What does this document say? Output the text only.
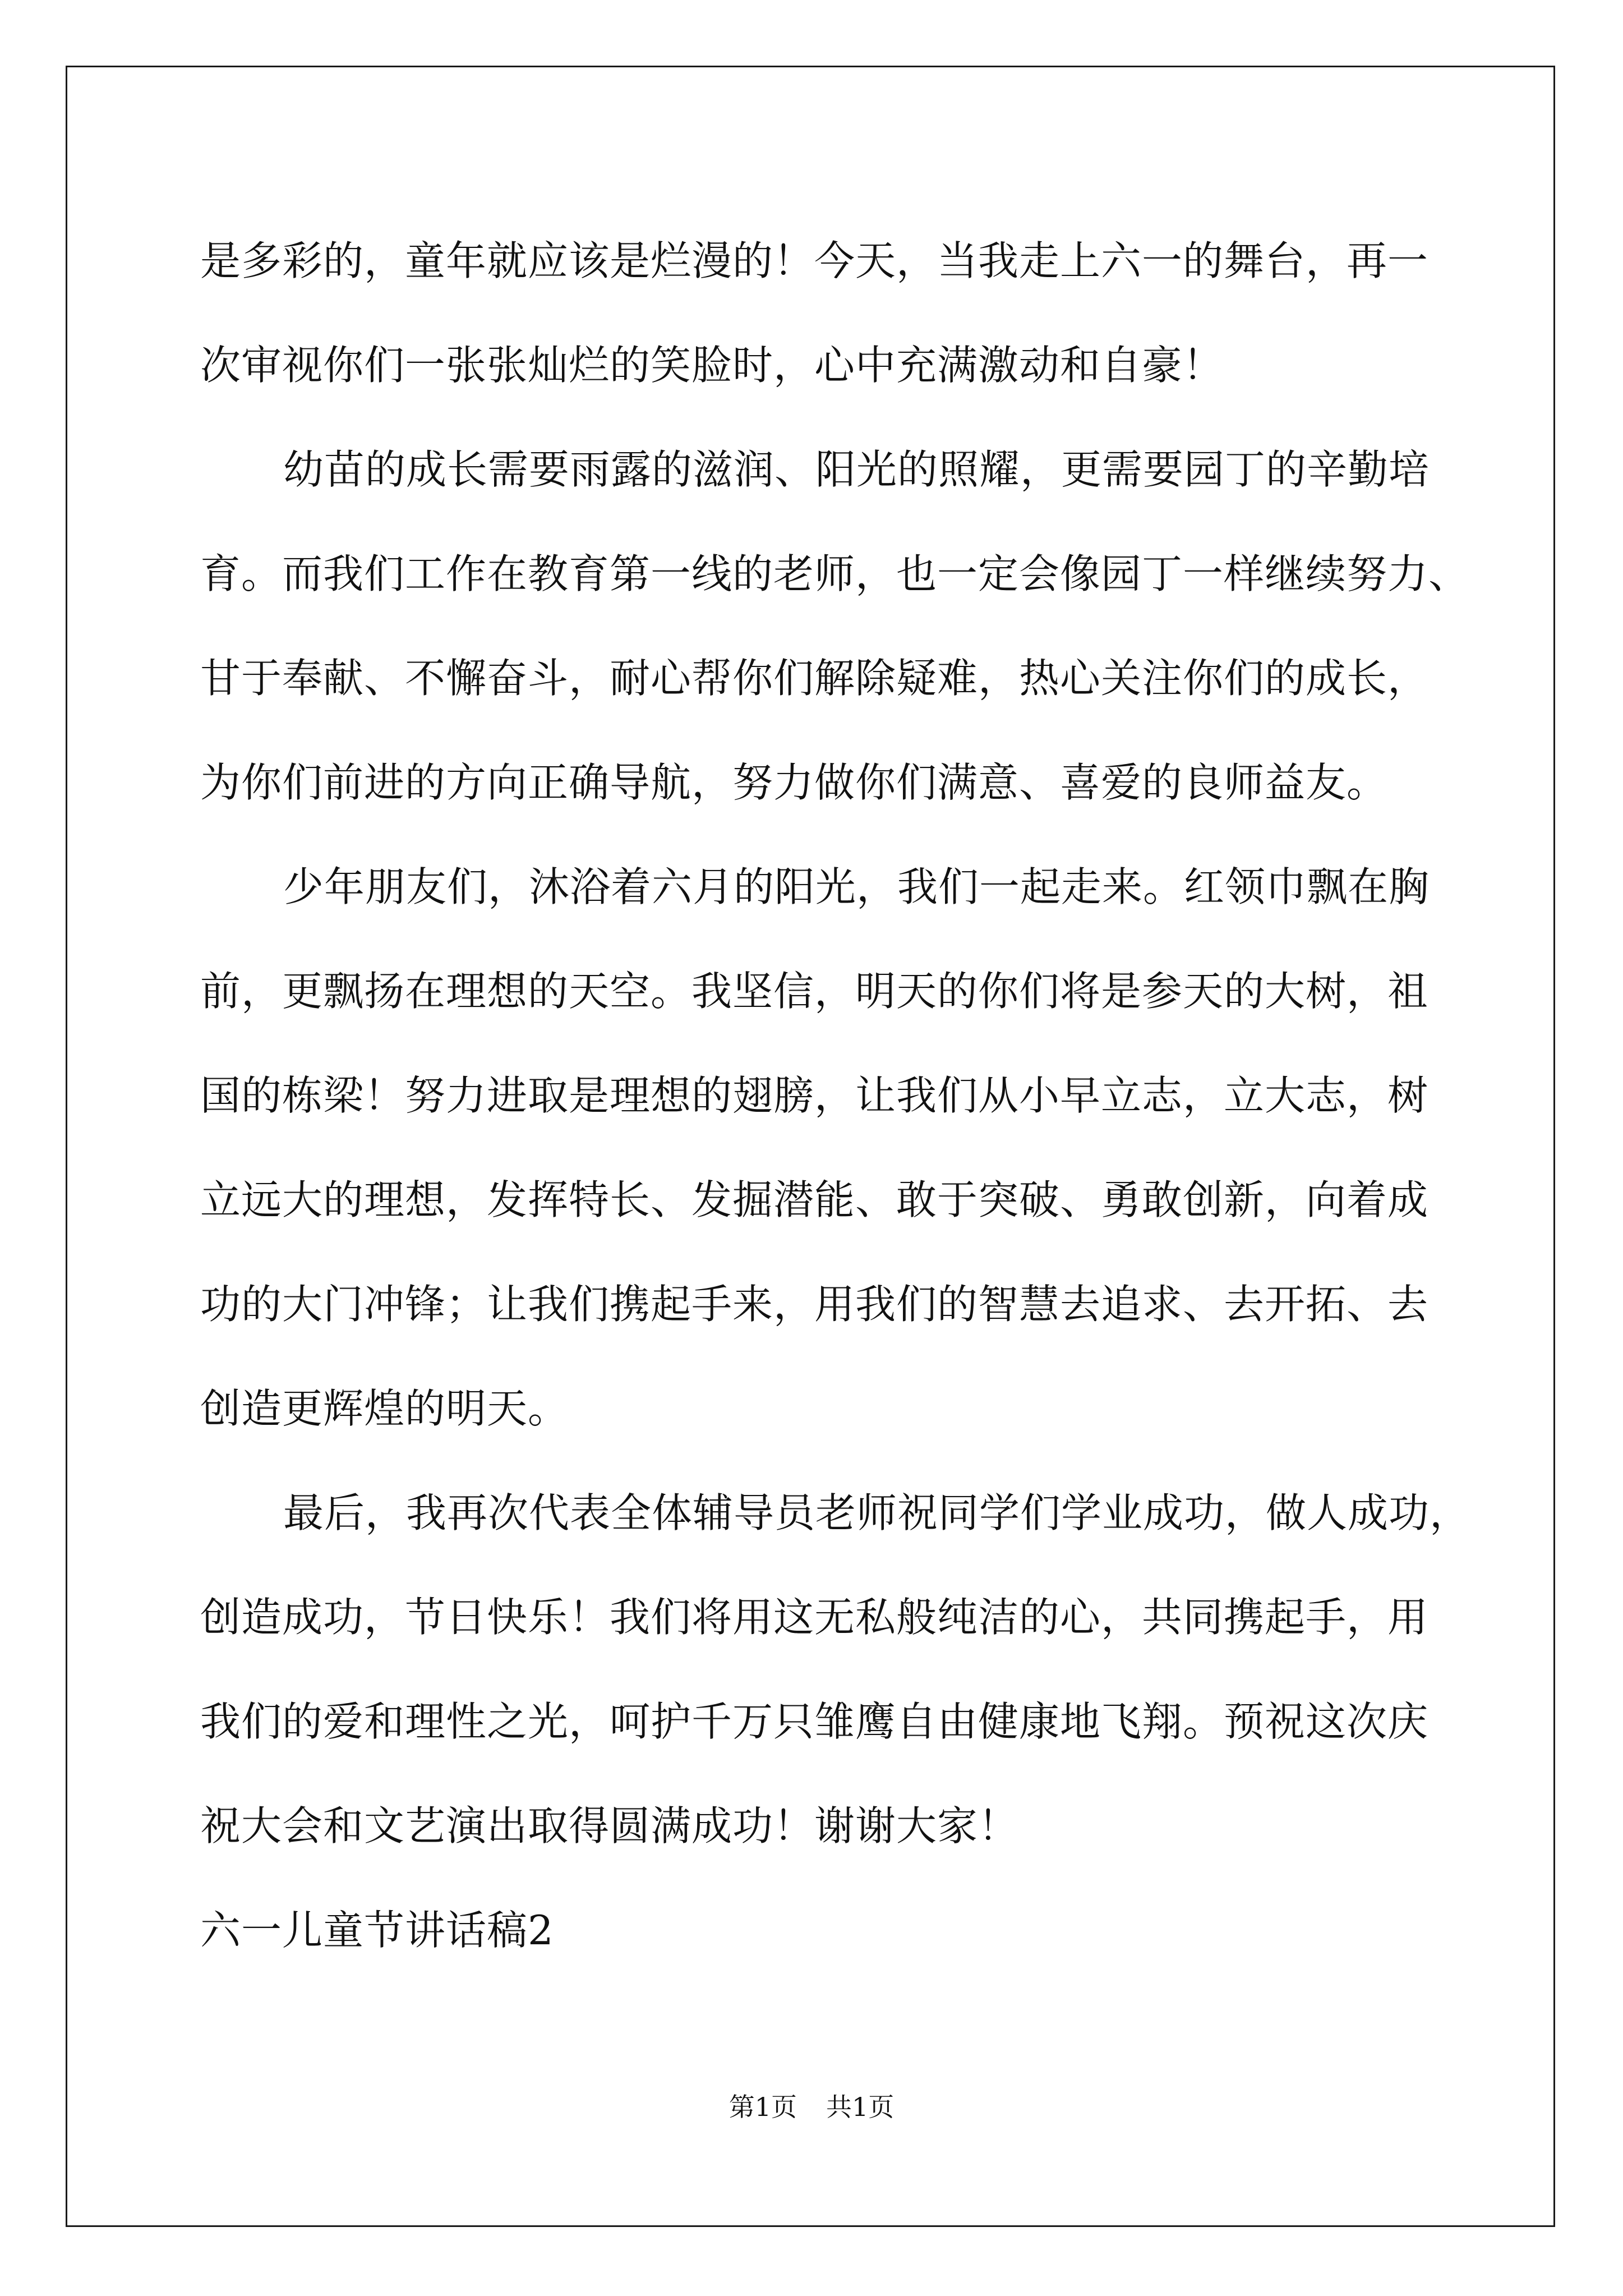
是多彩的，童年就应该是烂漫的！今天，当我走上六一的舞台，再一
次审视你们一张张灿烂的笑脸时，心中充满激动和自豪！
幼苗的成长需要雨露的滋润、阳光的照耀，更需要园丁的辛勤培
育。而我们工作在教育第一线的老师，也一定会像园丁一样继续努力、
甘于奉献、不懈奋斗，耐心帮你们解除疑难，热心关注你们的成长，
为你们前进的方向正确导航，努力做你们满意、喜爱的良师益友。
少年朋友们，沐浴着六月的阳光，我们一起走来。红领巾飘在胸
前，更飘扬在理想的天空。我坚信，明天的你们将是参天的大树，祖
国的栋梁！努力进取是理想的翅膀，让我们从小早立志，立大志，树
立远大的理想，发挥特长、发掘潜能、敢于突破、勇敢创新，向着成
功的大门冲锋；让我们携起手来，用我们的智慧去追求、去开拓、去
创造更辉煌的明天。
最后，我再次代表全体辅导员老师祝同学们学业成功，做人成功，
创造成功，节日快乐！我们将用这无私般纯洁的心，共同携起手，用
我们的爱和理性之光，呵护千万只雏鹰自由健康地飞翔。预祝这次庆
祝大会和文艺演出取得圆满成功！谢谢大家！
六一儿童节讲话稿2
第1页 共1页
